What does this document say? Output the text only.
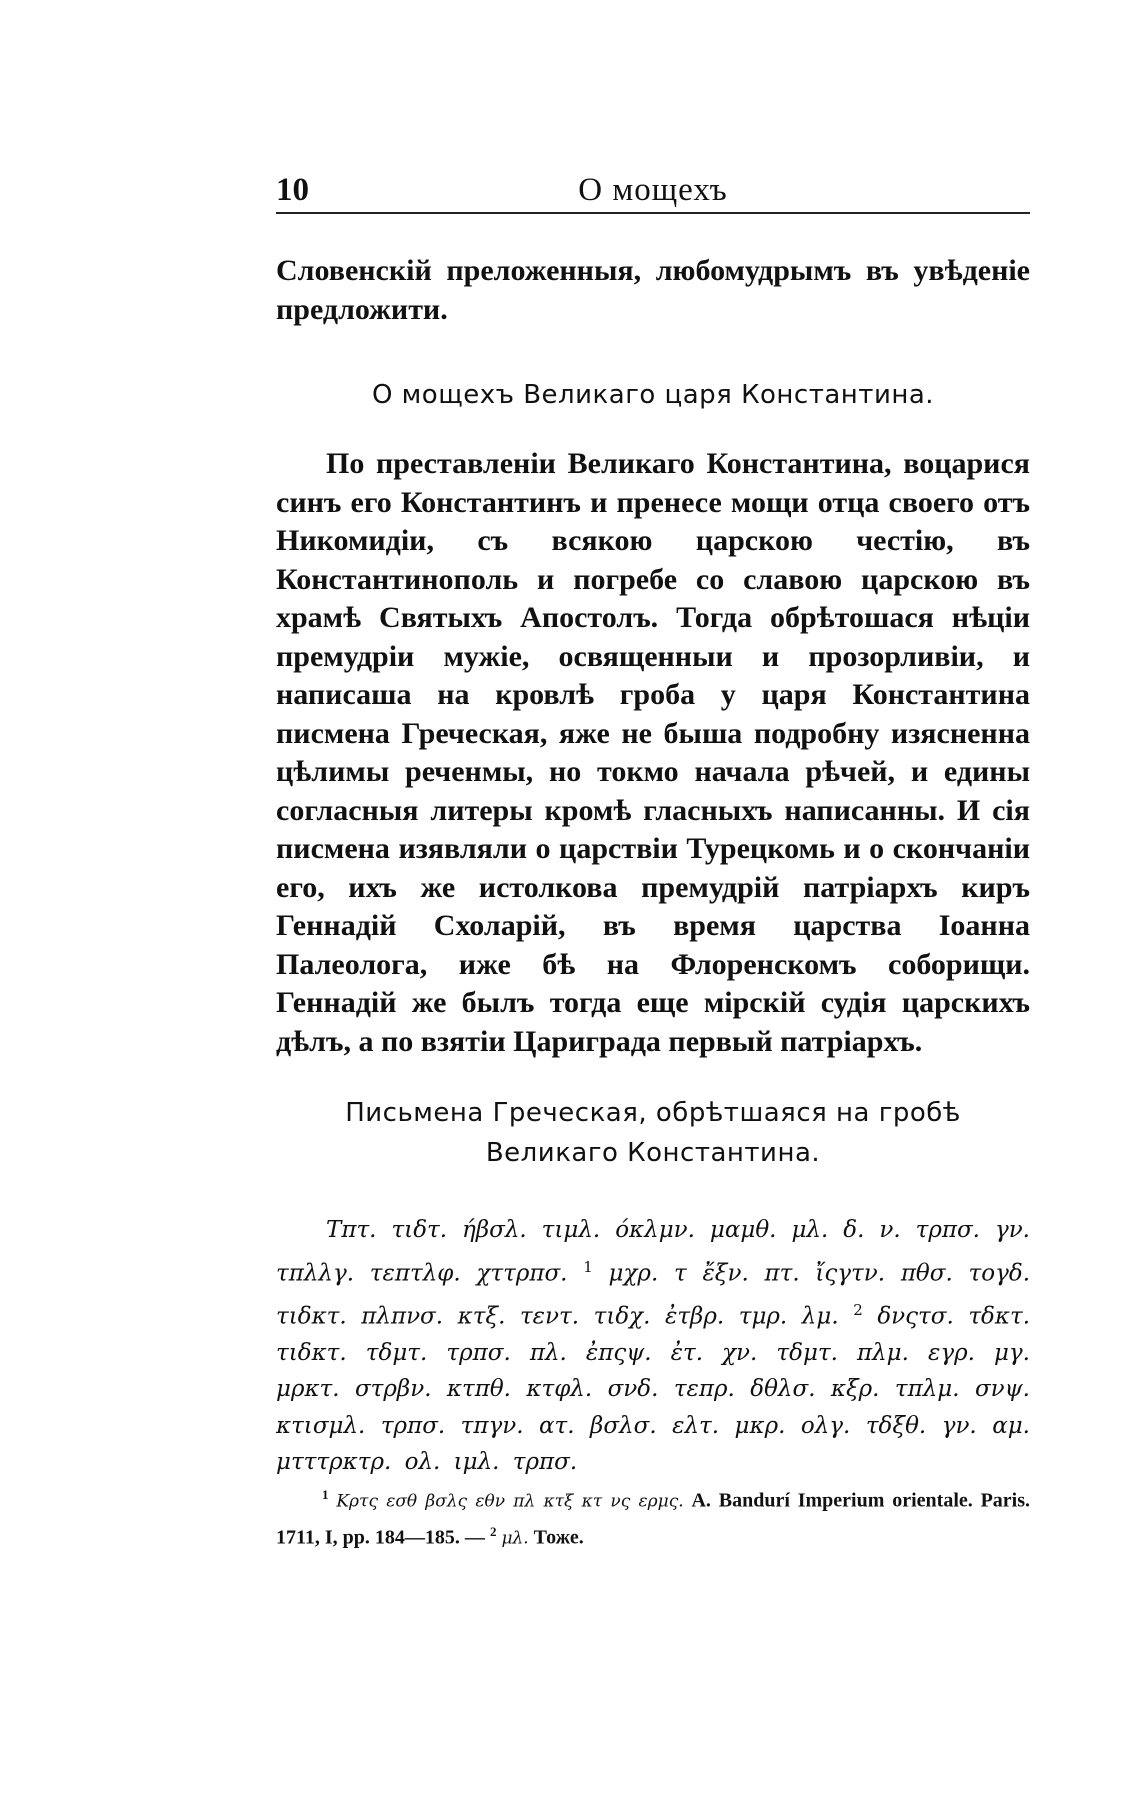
10	О мощехъ

Словенскій преложенныя, любомудрымъ въ увѣденіе предложити.

О мощехъ Великаго царя Константина.

По преставленіи Великаго Константина, воцарися синъ его Константинъ и пренесе мощи отца своего отъ Никомидіи, съ всякою царскою честію, въ Константинополь и погребе со славою царскою въ храмѣ Святыхъ Апостолъ. Тогда обрѣтошася нѣціи премудріи мужіе, освященныи и прозорливіи, и написаша на кровлѣ гроба у царя Константина писмена Греческая, яже не быша подробну изясненна цѣлимы реченмы, но токмо начала рѣчей, и едины согласныя литеры кромѣ гласныхъ написанны. И сія писмена изявляли о царствіи Турецкомь и о скончаніи его, ихъ же истолкова премудрій патріархъ киръ Геннадій Схоларій, въ время царства Іоанна Палеолога, иже бѣ на Флоренскомъ соборищи. Геннадій же былъ тогда еще мірскій судія царскихъ дѣлъ, а по взятіи Цариграда первый патріархъ.

Письмена Греческая, обрѣтшаяся на гробѣ Великаго Константина.

Τπτ. τιδτ. ήβσλ. τιμλ. όκλμν. μαμθ. μλ. δ. ν. τρπσ. γν. τπλλγ. τεπτλφ. χττρπσ. $^1$ μχρ. τ ἔξν. πτ. ἴςγτν. πθσ. τογδ. τιδκτ. πλπνσ. κτξ. τεντ. τιδχ. ἐτβρ. τμρ. λμ. $^2$ δνςτσ. τδκτ. τιδκτ. τδμτ. τρπσ. πλ. ἐπςψ. ἐτ. χν. τδμτ. πλμ. εγρ. μγ. μρκτ. στρβν. κτπθ. κτφλ. σνδ. τεπρ. δθλσ. κξρ. τπλμ. σνψ. κτισμλ. τρπσ. τπγν. ατ. βσλσ. ελτ. μκρ. ολγ. τδξθ. γν. αμ. μτττρκτρ. ολ. ιμλ. τρπσ.

$^1$ Κρτς εσθ βσλς εθν πλ κτξ κτ νς ερμς. A. Bandurí Imperium orientale. Paris. 1711, I, pp. 184—185. — $^2$ μλ. Тоже.
